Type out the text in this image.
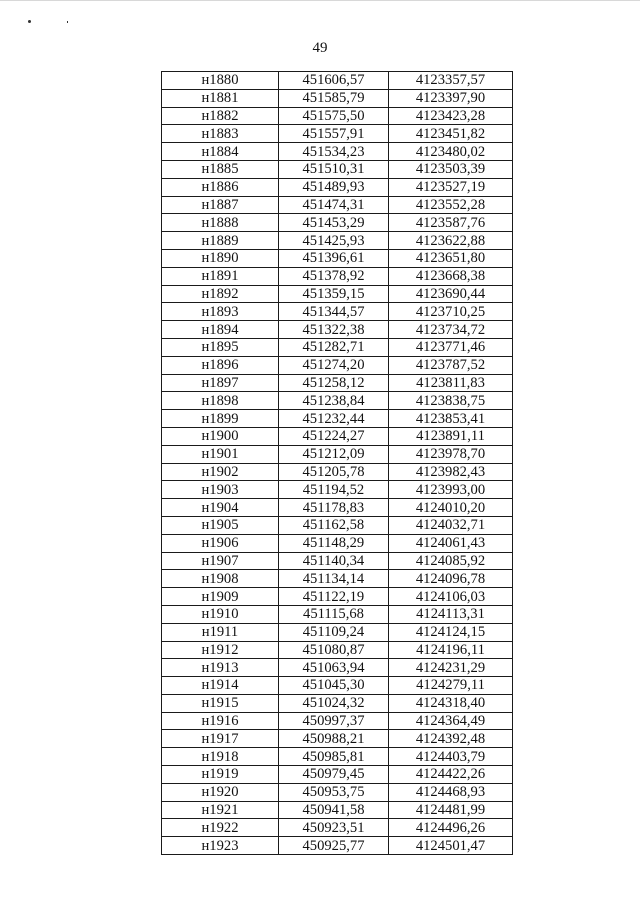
49
н1880	451606,57	4123357,57
н1881	451585,79	4123397,90
н1882	451575,50	4123423,28
н1883	451557,91	4123451,82
н1884	451534,23	4123480,02
н1885	451510,31	4123503,39
н1886	451489,93	4123527,19
н1887	451474,31	4123552,28
н1888	451453,29	4123587,76
н1889	451425,93	4123622,88
н1890	451396,61	4123651,80
н1891	451378,92	4123668,38
н1892	451359,15	4123690,44
н1893	451344,57	4123710,25
н1894	451322,38	4123734,72
н1895	451282,71	4123771,46
н1896	451274,20	4123787,52
н1897	451258,12	4123811,83
н1898	451238,84	4123838,75
н1899	451232,44	4123853,41
н1900	451224,27	4123891,11
н1901	451212,09	4123978,70
н1902	451205,78	4123982,43
н1903	451194,52	4123993,00
н1904	451178,83	4124010,20
н1905	451162,58	4124032,71
н1906	451148,29	4124061,43
н1907	451140,34	4124085,92
н1908	451134,14	4124096,78
н1909	451122,19	4124106,03
н1910	451115,68	4124113,31
н1911	451109,24	4124124,15
н1912	451080,87	4124196,11
н1913	451063,94	4124231,29
н1914	451045,30	4124279,11
н1915	451024,32	4124318,40
н1916	450997,37	4124364,49
н1917	450988,21	4124392,48
н1918	450985,81	4124403,79
н1919	450979,45	4124422,26
н1920	450953,75	4124468,93
н1921	450941,58	4124481,99
н1922	450923,51	4124496,26
н1923	450925,77	4124501,47
